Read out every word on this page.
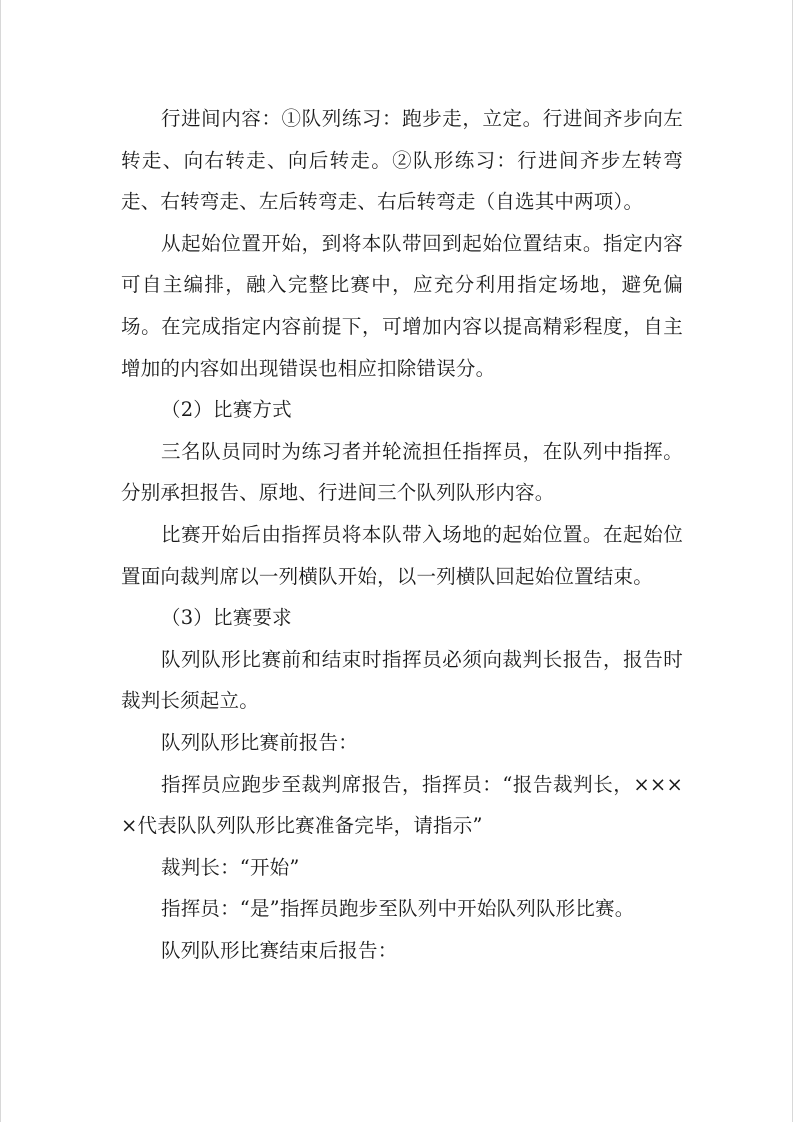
行进间内容：①队列练习：跑步走，立定。行进间齐步向左转走、向右转走、向后转走。②队形练习：行进间齐步左转弯走、右转弯走、左后转弯走、右后转弯走（自选其中两项）。

从起始位置开始，到将本队带回到起始位置结束。指定内容可自主编排，融入完整比赛中，应充分利用指定场地，避免偏场。在完成指定内容前提下，可增加内容以提高精彩程度，自主增加的内容如出现错误也相应扣除错误分。

（2）比赛方式

三名队员同时为练习者并轮流担任指挥员，在队列中指挥。分别承担报告、原地、行进间三个队列队形内容。

比赛开始后由指挥员将本队带入场地的起始位置。在起始位置面向裁判席以一列横队开始，以一列横队回起始位置结束。

（3）比赛要求

队列队形比赛前和结束时指挥员必须向裁判长报告，报告时裁判长须起立。

队列队形比赛前报告：

指挥员应跑步至裁判席报告，指挥员：“报告裁判长，××××代表队队列队形比赛准备完毕，请指示”

裁判长：“开始”

指挥员：“是”指挥员跑步至队列中开始队列队形比赛。

队列队形比赛结束后报告：
